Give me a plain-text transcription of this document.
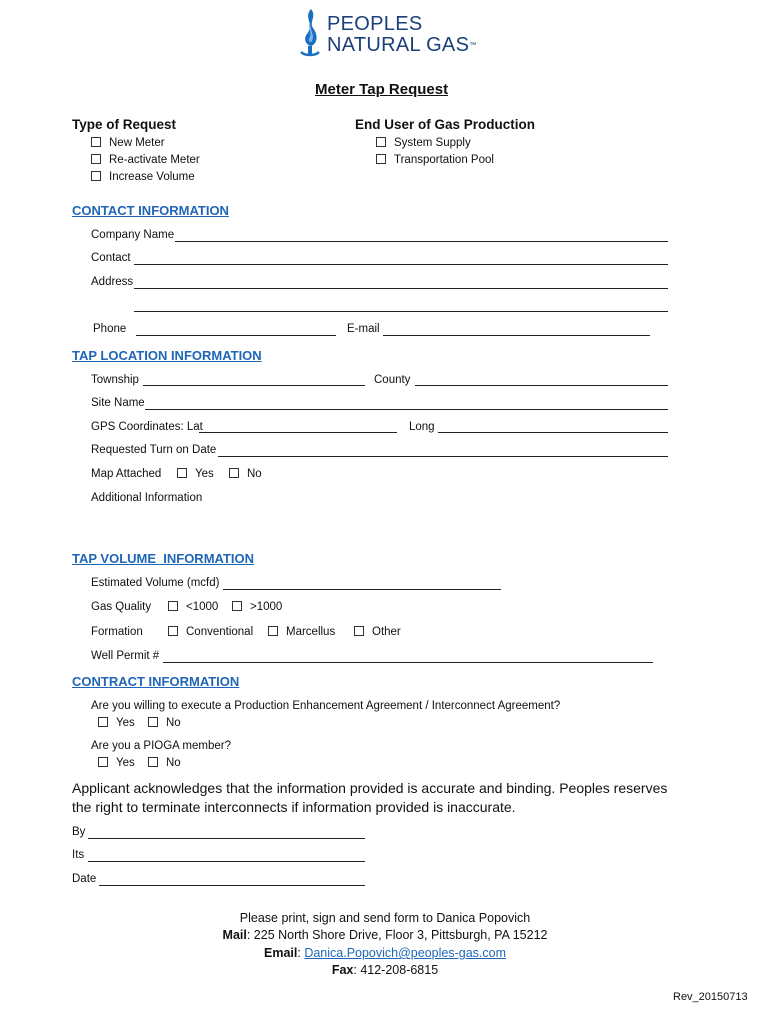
PEOPLES
NATURAL GAS™
Meter Tap Request
Type of Request
New Meter
Re-activate Meter
Increase Volume
End User of Gas Production
System Supply
Transportation Pool
CONTACT INFORMATION
Company Name
Contact
Address
Phone	E-mail
TAP LOCATION INFORMATION
Township	County
Site Name
GPS Coordinates: Lat	Long
Requested Turn on Date
Map Attached	Yes	No
Additional Information
TAP VOLUME  INFORMATION
Estimated Volume (mcfd)
Gas Quality	<1000	>1000
Formation	Conventional	Marcellus	Other
Well Permit #
CONTRACT INFORMATION
Are you willing to execute a Production Enhancement Agreement / Interconnect Agreement?
Yes	No
Are you a PIOGA member?
Yes	No
Applicant acknowledges that the information provided is accurate and binding. Peoples reserves
the right to terminate interconnects if information provided is inaccurate.
By
Its
Date
Please print, sign and send form to Danica Popovich
Mail: 225 North Shore Drive, Floor 3, Pittsburgh, PA 15212
Email: Danica.Popovich@peoples-gas.com
Fax: 412-208-6815
Rev_20150713
